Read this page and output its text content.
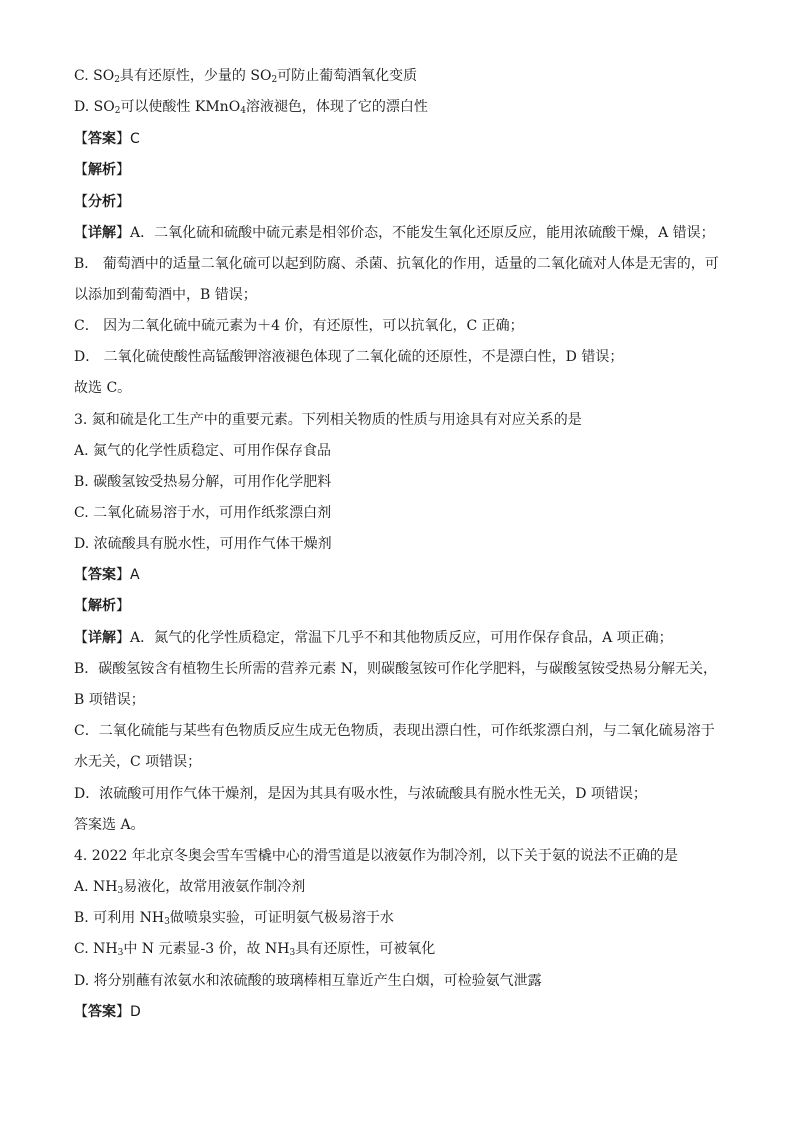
C. $SO_2$具有还原性，少量的 $SO_2$可防止葡萄酒氧化变质
D. $SO_2$可以使酸性 KMnO$_4$溶液褪色，体现了它的漂白性
【答案】C
【解析】
【分析】
【详解】A．二氧化硫和硫酸中硫元素是相邻价态，不能发生氧化还原反应，能用浓硫酸干燥，A 错误；
B． 葡萄酒中的适量二氧化硫可以起到防腐、杀菌、抗氧化的作用，适量的二氧化硫对人体是无害的，可
以添加到葡萄酒中，B 错误；
C． 因为二氧化硫中硫元素为＋4 价，有还原性，可以抗氧化，C 正确；
D． 二氧化硫使酸性高锰酸钾溶液褪色体现了二氧化硫的还原性，不是漂白性，D 错误；
故选 C。
3. 氮和硫是化工生产中的重要元素。下列相关物质的性质与用途具有对应关系的是
A. 氮气的化学性质稳定、可用作保存食品
B. 碳酸氢铵受热易分解，可用作化学肥料
C. 二氧化硫易溶于水，可用作纸浆漂白剂
D. 浓硫酸具有脱水性，可用作气体干燥剂
【答案】A
【解析】
【详解】A．氮气的化学性质稳定，常温下几乎不和其他物质反应，可用作保存食品，A 项正确；
B．碳酸氢铵含有植物生长所需的营养元素 N，则碳酸氢铵可作化学肥料，与碳酸氢铵受热易分解无关，
B 项错误；
C．二氧化硫能与某些有色物质反应生成无色物质，表现出漂白性，可作纸浆漂白剂，与二氧化硫易溶于
水无关，C 项错误；
D．浓硫酸可用作气体干燥剂，是因为其具有吸水性，与浓硫酸具有脱水性无关，D 项错误；
答案选 A。
4. 2022 年北京冬奥会雪车雪橇中心的滑雪道是以液氨作为制冷剂，以下关于氨的说法不正确的是
A. $NH_3$易液化，故常用液氨作制冷剂
B. 可利用 $NH_3$做喷泉实验，可证明氨气极易溶于水
C. $NH_3$中 N 元素显-3 价，故 $NH_3$具有还原性，可被氧化
D. 将分别蘸有浓氨水和浓硫酸的玻璃棒相互靠近产生白烟，可检验氨气泄露
【答案】D
